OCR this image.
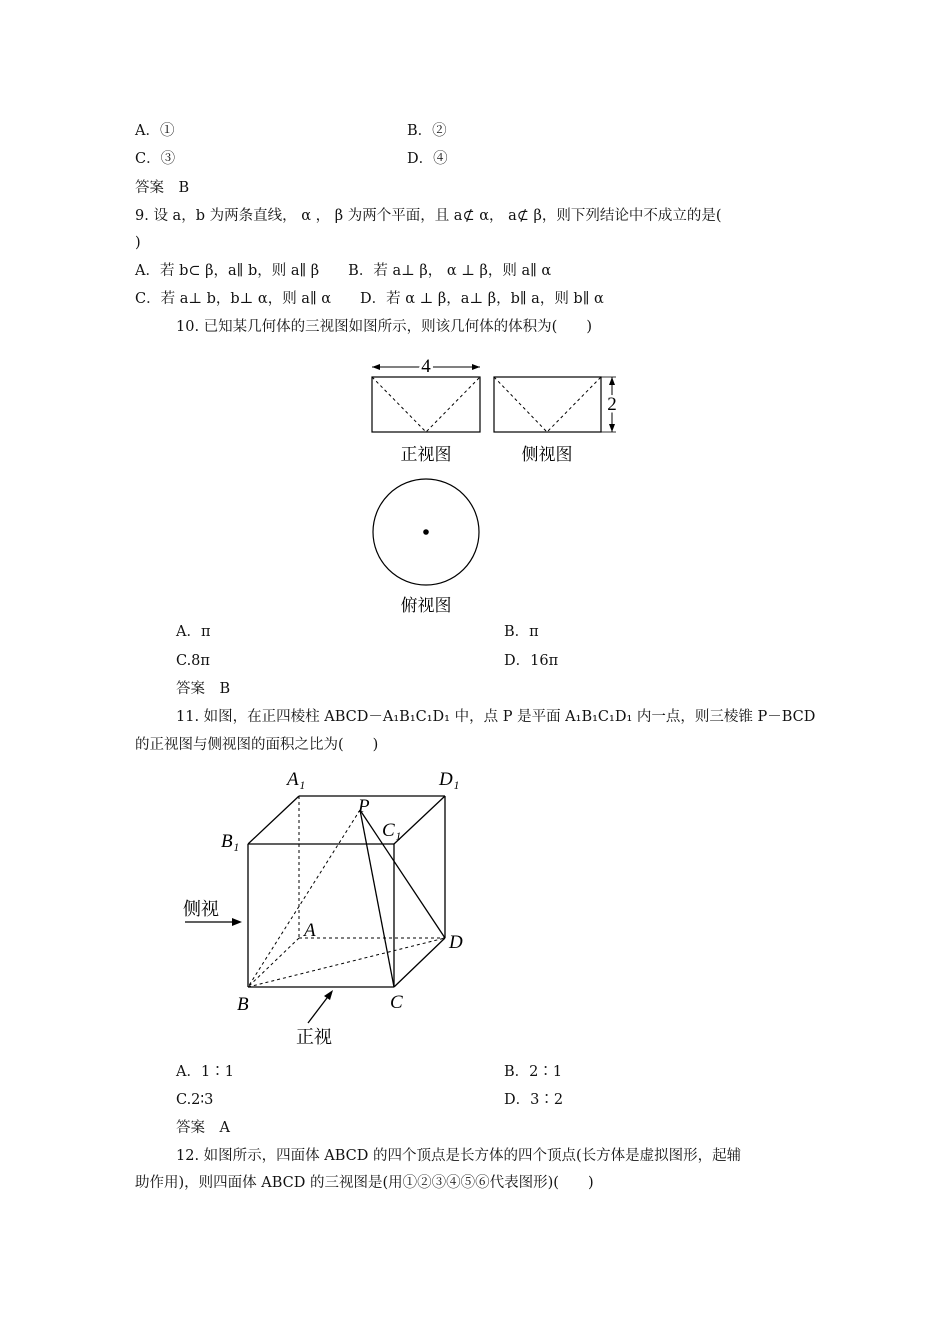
A．①	B．②
C．③	D．④
答案　B
9. 设 a，b 为两条直线， α ， β 为两个平面，且 a⊄ α， a⊄ β，则下列结论中不成立的是(
)
A．若 b⊂ β，a∥ b，则 a∥ β　　B．若 a⊥ β， α ⊥ β，则 a∥ α
C．若 a⊥ b，b⊥ α，则 a∥ α　　D．若 α ⊥ β，a⊥ β，b∥ a，则 b∥ α
10. 已知某几何体的三视图如图所示，则该几何体的体积为(　　)
4
2
正视图	侧视图
俯视图
A．π	B．π
C.8π	D．16π
答案　B
11. 如图，在正四棱柱 ABCD－A₁B₁C₁D₁ 中，点 P 是平面 A₁B₁C₁D₁ 内一点，则三棱锥 P－BCD
的正视图与侧视图的面积之比为(　　)
A₁	D₁
B₁
C₁
P
A
D
B	C
侧视
正视
A．1∶1	B．2∶1
C.2∶3	D．3∶2
答案　A
12. 如图所示，四面体 ABCD 的四个顶点是长方体的四个顶点(长方体是虚拟图形，起辅
助作用)，则四面体 ABCD 的三视图是(用①②③④⑤⑥代表图形)(　　)
